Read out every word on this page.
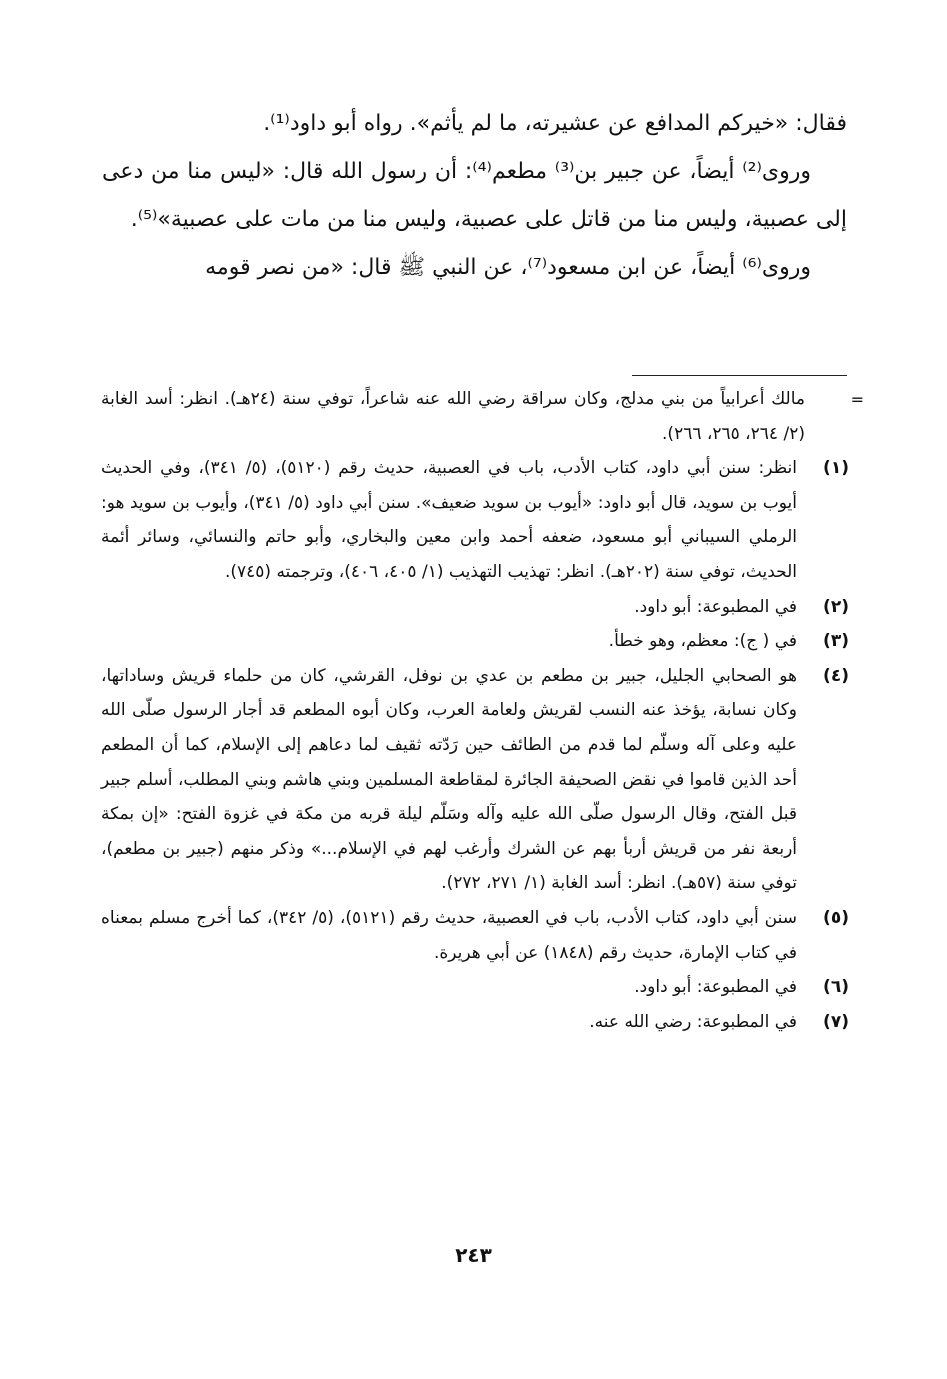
فقال: «خيركم المدافع عن عشيرته، ما لم يأثم». رواه أبو داود⁽¹⁾.

وروى⁽²⁾ أيضاً، عن جبير بن⁽³⁾ مطعم⁽⁴⁾: أن رسول الله قال: «ليس منا من دعى إلى عصبية، وليس منا من قاتل على عصبية، وليس منا من مات على عصبية»⁽⁵⁾.

وروى⁽⁶⁾ أيضاً، عن ابن مسعود⁽⁷⁾، عن النبي ﷺ قال: «من نصر قومه

=

مالك أعرابياً من بني مدلج، وكان سراقة رضي الله عنه شاعراً، توفي سنة (٢٤هـ). انظر: أسد الغابة (٢/ ٢٦٤، ٢٦٥، ٢٦٦).

(١)
انظر: سنن أبي داود، كتاب الأدب، باب في العصبية، حديث رقم (٥١٢٠)، (٥/ ٣٤١)، وفي الحديث أيوب بن سويد، قال أبو داود: «أيوب بن سويد ضعيف». سنن أبي داود (٥/ ٣٤١)، وأيوب بن سويد هو: الرملي السيباني أبو مسعود، ضعفه أحمد وابن معين والبخاري، وأبو حاتم والنسائي، وسائر أئمة الحديث، توفي سنة (٢٠٢هـ). انظر: تهذيب التهذيب (١/ ٤٠٥، ٤٠٦)، وترجمته (٧٤٥).
(٢)
في المطبوعة: أبو داود.
(٣)
في ( ج): معظم، وهو خطأ.
(٤)
هو الصحابي الجليل، جبير بن مطعم بن عدي بن نوفل، القرشي، كان من حلماء قريش وساداتها، وكان نسابة، يؤخذ عنه النسب لقريش ولعامة العرب، وكان أبوه المطعم قد أجار الرسول صلّى الله عليه وعلى آله وسلّم لما قدم من الطائف حين رَدّته ثقيف لما دعاهم إلى الإسلام، كما أن المطعم أحد الذين قاموا في نقض الصحيفة الجائرة لمقاطعة المسلمين وبني هاشم وبني المطلب، أسلم جبير قبل الفتح، وقال الرسول صلّى الله عليه وآله وسَلّم ليلة قربه من مكة في غزوة الفتح: «إن بمكة أربعة نفر من قريش أربأ بهم عن الشرك وأرغب لهم في الإسلام...» وذكر منهم (جبير بن مطعم)، توفي سنة (٥٧هـ). انظر: أسد الغابة (١/ ٢٧١، ٢٧٢).
(٥)
سنن أبي داود، كتاب الأدب، باب في العصبية، حديث رقم (٥١٢١)، (٥/ ٣٤٢)، كما أخرج مسلم بمعناه في كتاب الإمارة، حديث رقم (١٨٤٨) عن أبي هريرة.
(٦)
في المطبوعة: أبو داود.
(٧)
في المطبوعة: رضي الله عنه.
٢٤٣
